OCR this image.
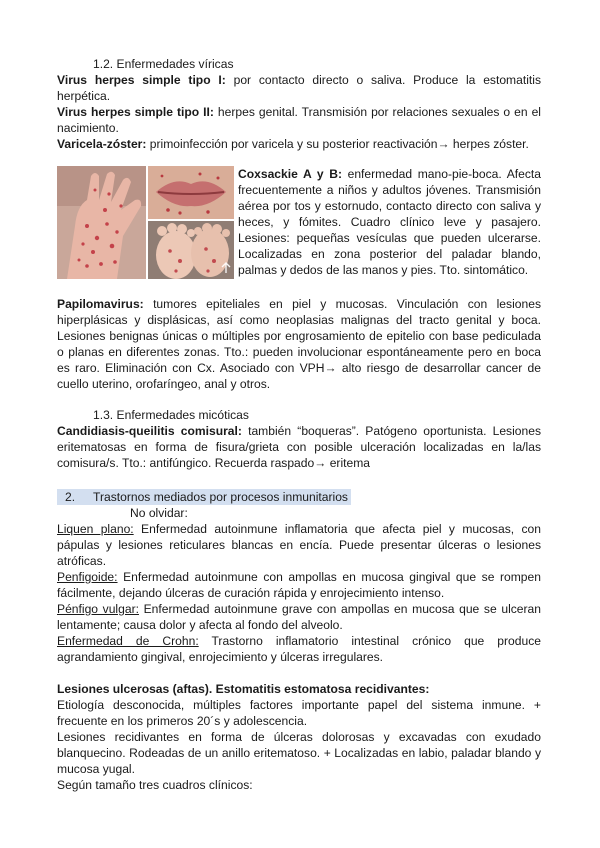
1.2. Enfermedades víricas

Virus herpes simple tipo I: por contacto directo o saliva. Produce la estomatitis herpética.

Virus herpes simple tipo II: herpes genital. Transmisión por relaciones sexuales o en el nacimiento.

Varicela-zóster: primoinfección por varicela y su posterior reactivación→ herpes zóster.

Coxsackie A y B: enfermedad mano-pie-boca. Afecta frecuentemente a niños y adultos jóvenes. Transmisión aérea por tos y estornudo, contacto directo con saliva y heces, y fómites. Cuadro clínico leve y pasajero. Lesiones: pequeñas vesículas que pueden ulcerarse. Localizadas en zona posterior del paladar blando, palmas y dedos de las manos y pies. Tto. sintomático.

Papilomavirus: tumores epiteliales en piel y mucosas. Vinculación con lesiones hiperplásicas y displásicas, así como neoplasias malignas del tracto genital y boca. Lesiones benignas únicas o múltiples por engrosamiento de epitelio con base pediculada o planas en diferentes zonas. Tto.: pueden involucionar espontáneamente pero en boca es raro. Eliminación con Cx. Asociado con VPH→ alto riesgo de desarrollar cancer de cuello uterino, orofaríngeo, anal y otros.

1.3. Enfermedades micóticas

Candidiasis-queilitis comisural: también “boqueras”. Patógeno oportunista. Lesiones eritematosas en forma de fisura/grieta con posible ulceración localizadas en la/las comisura/s. Tto.: antifúngico. Recuerda raspado→ eritema

2. Trastornos mediados por procesos inmunitarios

No olvidar:

Liquen plano: Enfermedad autoinmune inflamatoria que afecta piel y mucosas, con pápulas y lesiones reticulares blancas en encía. Puede presentar úlceras o lesiones atróficas.

Penfigoide: Enfermedad autoinmune con ampollas en mucosa gingival que se rompen fácilmente, dejando úlceras de curación rápida y enrojecimiento intenso.

Pénfigo vulgar: Enfermedad autoinmune grave con ampollas en mucosa que se ulceran lentamente; causa dolor y afecta al fondo del alveolo.

Enfermedad de Crohn: Trastorno inflamatorio intestinal crónico que produce agrandamiento gingival, enrojecimiento y úlceras irregulares.

Lesiones ulcerosas (aftas). Estomatitis estomatosa recidivantes:

Etiología desconocida, múltiples factores importante papel del sistema inmune. + frecuente en los primeros 20´s y adolescencia.

Lesiones recidivantes en forma de úlceras dolorosas y excavadas con exudado blanquecino. Rodeadas de un anillo eritematoso. + Localizadas en labio, paladar blando y mucosa yugal.

Según tamaño tres cuadros clínicos:
